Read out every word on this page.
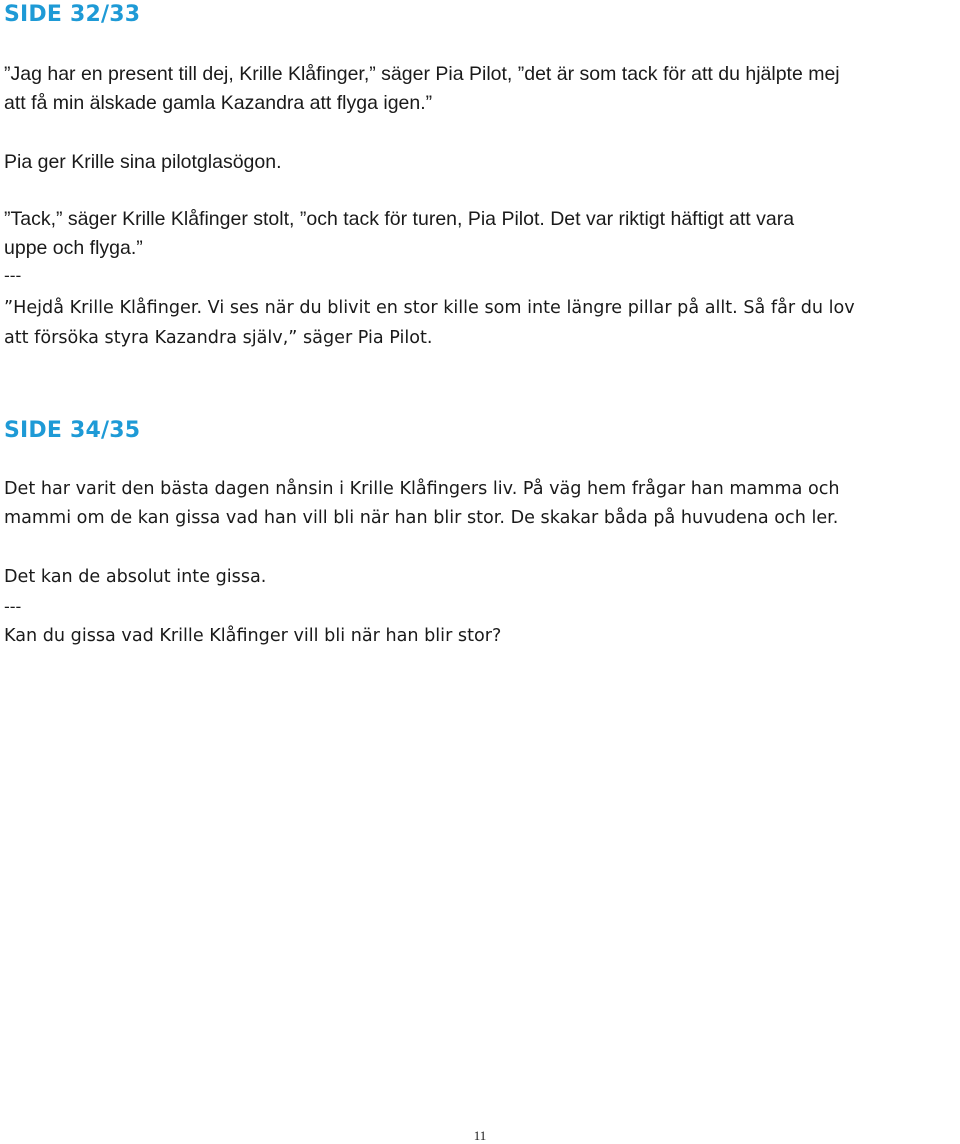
SIDE 32/33

”Jag har en present till dej, Krille Klåfinger,” säger Pia Pilot, ”det är som tack för att du hjälpte mej

att få min älskade gamla Kazandra att flyga igen.”

Pia ger Krille sina pilotglasögon.

”Tack,” säger Krille Klåfinger stolt, ”och tack för turen, Pia Pilot. Det var riktigt häftigt att vara

uppe och flyga.”

---

”Hejdå Krille Klåfinger. Vi ses när du blivit en stor kille som inte längre pillar på allt. Så får du lov

att försöka styra Kazandra själv,” säger Pia Pilot.

SIDE 34/35

Det har varit den bästa dagen nånsin i Krille Klåfingers liv. På väg hem frågar han mamma och

mammi om de kan gissa vad han vill bli när han blir stor. De skakar båda på huvudena och ler.

Det kan de absolut inte gissa.

---

Kan du gissa vad Krille Klåfinger vill bli när han blir stor?

11
